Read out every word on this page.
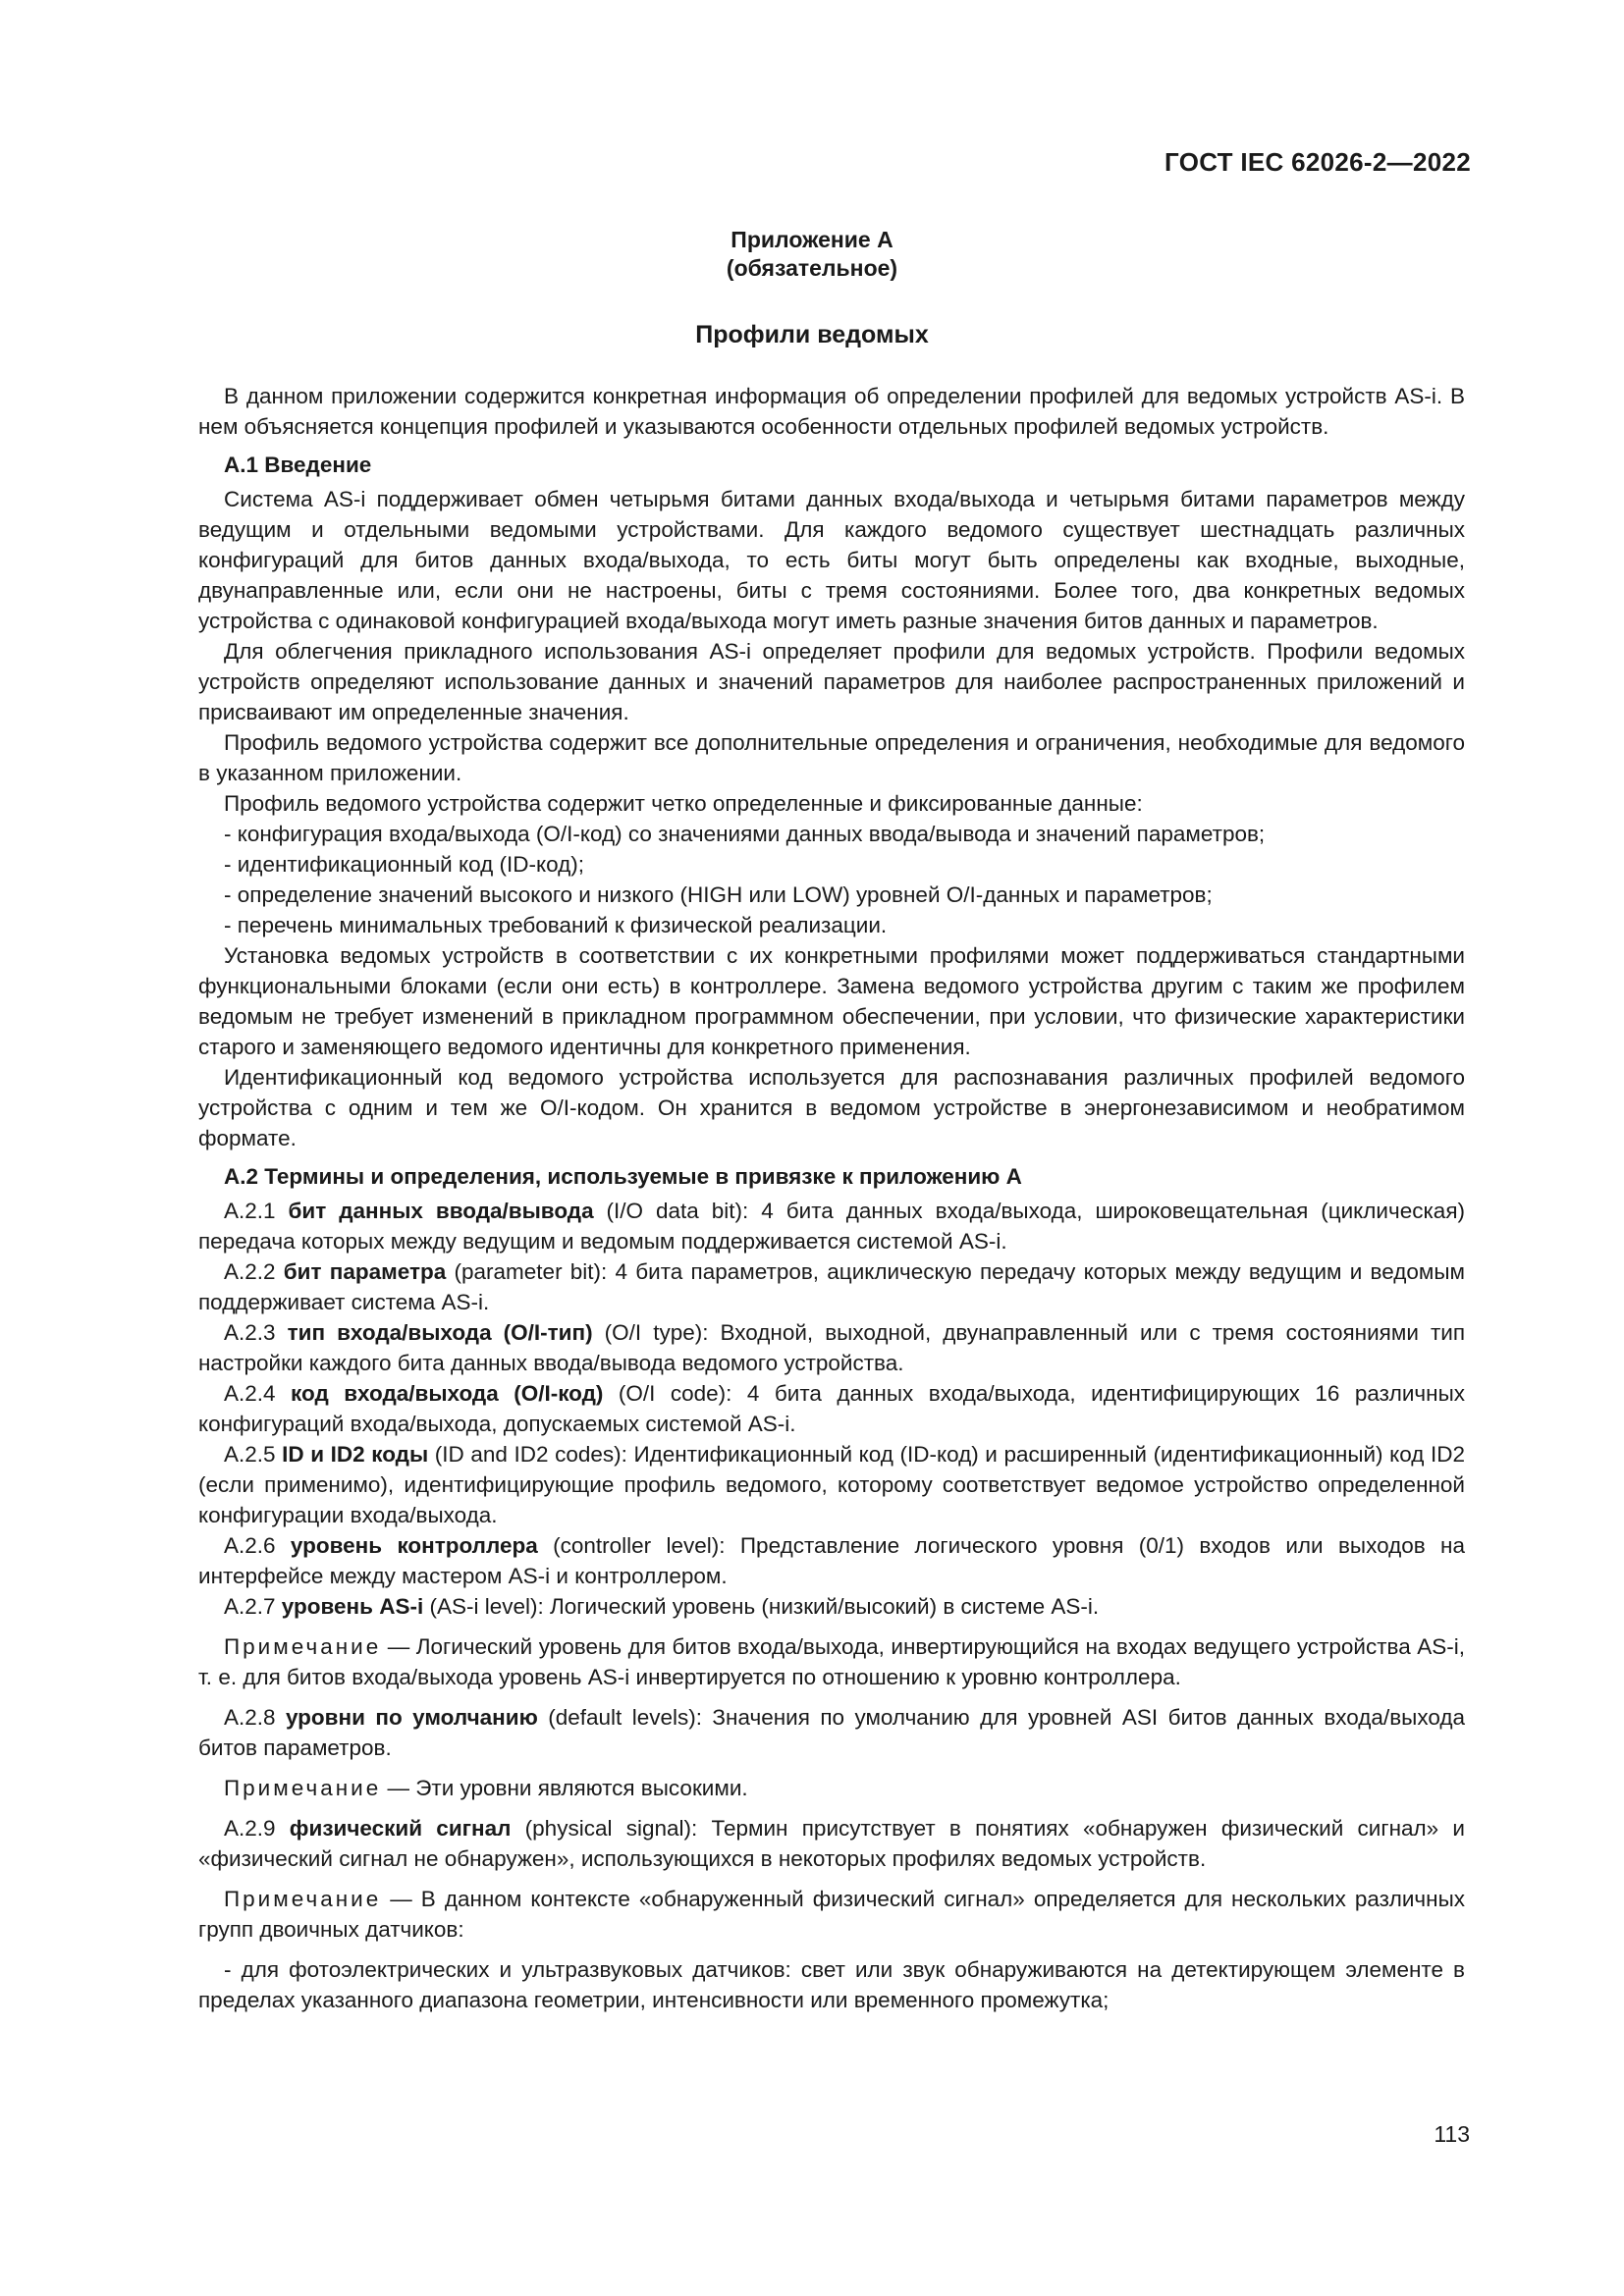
ГОСТ IEC 62026-2—2022
Приложение А
(обязательное)
Профили ведомых

В данном приложении содержится конкретная информация об определении профилей для ведомых устройств AS-i. В нем объясняется концепция профилей и указываются особенности отдельных профилей ведомых устройств.

А.1 Введение

Система AS-i поддерживает обмен четырьмя битами данных входа/выхода и четырьмя битами параметров между ведущим и отдельными ведомыми устройствами. Для каждого ведомого существует шестнадцать различных конфигураций для битов данных входа/выхода, то есть биты могут быть определены как входные, выходные, двунаправленные или, если они не настроены, биты с тремя состояниями. Более того, два конкретных ведомых устройства с одинаковой конфигурацией входа/выхода могут иметь разные значения битов данных и параметров.

Для облегчения прикладного использования AS-i определяет профили для ведомых устройств. Профили ведомых устройств определяют использование данных и значений параметров для наиболее распространенных приложений и присваивают им определенные значения.

Профиль ведомого устройства содержит все дополнительные определения и ограничения, необходимые для ведомого в указанном приложении.

Профиль ведомого устройства содержит четко определенные и фиксированные данные:

- конфигурация входа/выхода (O/I-код) со значениями данных ввода/вывода и значений параметров;

- идентификационный код (ID-код);

- определение значений высокого и низкого (HIGH или LOW) уровней O/I-данных и параметров;

- перечень минимальных требований к физической реализации.

Установка ведомых устройств в соответствии с их конкретными профилями может поддерживаться стандартными функциональными блоками (если они есть) в контроллере. Замена ведомого устройства другим с таким же профилем ведомым не требует изменений в прикладном программном обеспечении, при условии, что физические характеристики старого и заменяющего ведомого идентичны для конкретного применения.

Идентификационный код ведомого устройства используется для распознавания различных профилей ведомого устройства с одним и тем же O/I-кодом. Он хранится в ведомом устройстве в энергонезависимом и необратимом формате.

А.2 Термины и определения, используемые в привязке к приложению А

А.2.1 бит данных ввода/вывода (I/O data bit): 4 бита данных входа/выхода, широковещательная (циклическая) передача которых между ведущим и ведомым поддерживается системой AS-i.

А.2.2 бит параметра (parameter bit): 4 бита параметров, ациклическую передачу которых между ведущим и ведомым поддерживает система AS-i.

А.2.3 тип входа/выхода (O/I-тип) (O/I type): Входной, выходной, двунаправленный или с тремя состояниями тип настройки каждого бита данных ввода/вывода ведомого устройства.

А.2.4 код входа/выхода (O/I-код) (O/I code): 4 бита данных входа/выхода, идентифицирующих 16 различных конфигураций входа/выхода, допускаемых системой AS-i.

А.2.5 ID и ID2 коды (ID and ID2 codes): Идентификационный код (ID-код) и расширенный (идентификационный) код ID2 (если применимо), идентифицирующие профиль ведомого, которому соответствует ведомое устройство определенной конфигурации входа/выхода.

А.2.6 уровень контроллера (controller level): Представление логического уровня (0/1) входов или выходов на интерфейсе между мастером AS-i и контроллером.

А.2.7 уровень AS-i (AS-i level): Логический уровень (низкий/высокий) в системе AS-i.

Примечание — Логический уровень для битов входа/выхода, инвертирующийся на входах ведущего устройства AS-i, т. е. для битов входа/выхода уровень AS-i инвертируется по отношению к уровню контроллера.

А.2.8 уровни по умолчанию (default levels): Значения по умолчанию для уровней ASI битов данных входа/выхода битов параметров.

Примечание — Эти уровни являются высокими.

А.2.9 физический сигнал (physical signal): Термин присутствует в понятиях «обнаружен физический сигнал» и «физический сигнал не обнаружен», использующихся в некоторых профилях ведомых устройств.

Примечание — В данном контексте «обнаруженный физический сигнал» определяется для нескольких различных групп двоичных датчиков:

- для фотоэлектрических и ультразвуковых датчиков: свет или звук обнаруживаются на детектирующем элементе в пределах указанного диапазона геометрии, интенсивности или временного промежутка;

113
